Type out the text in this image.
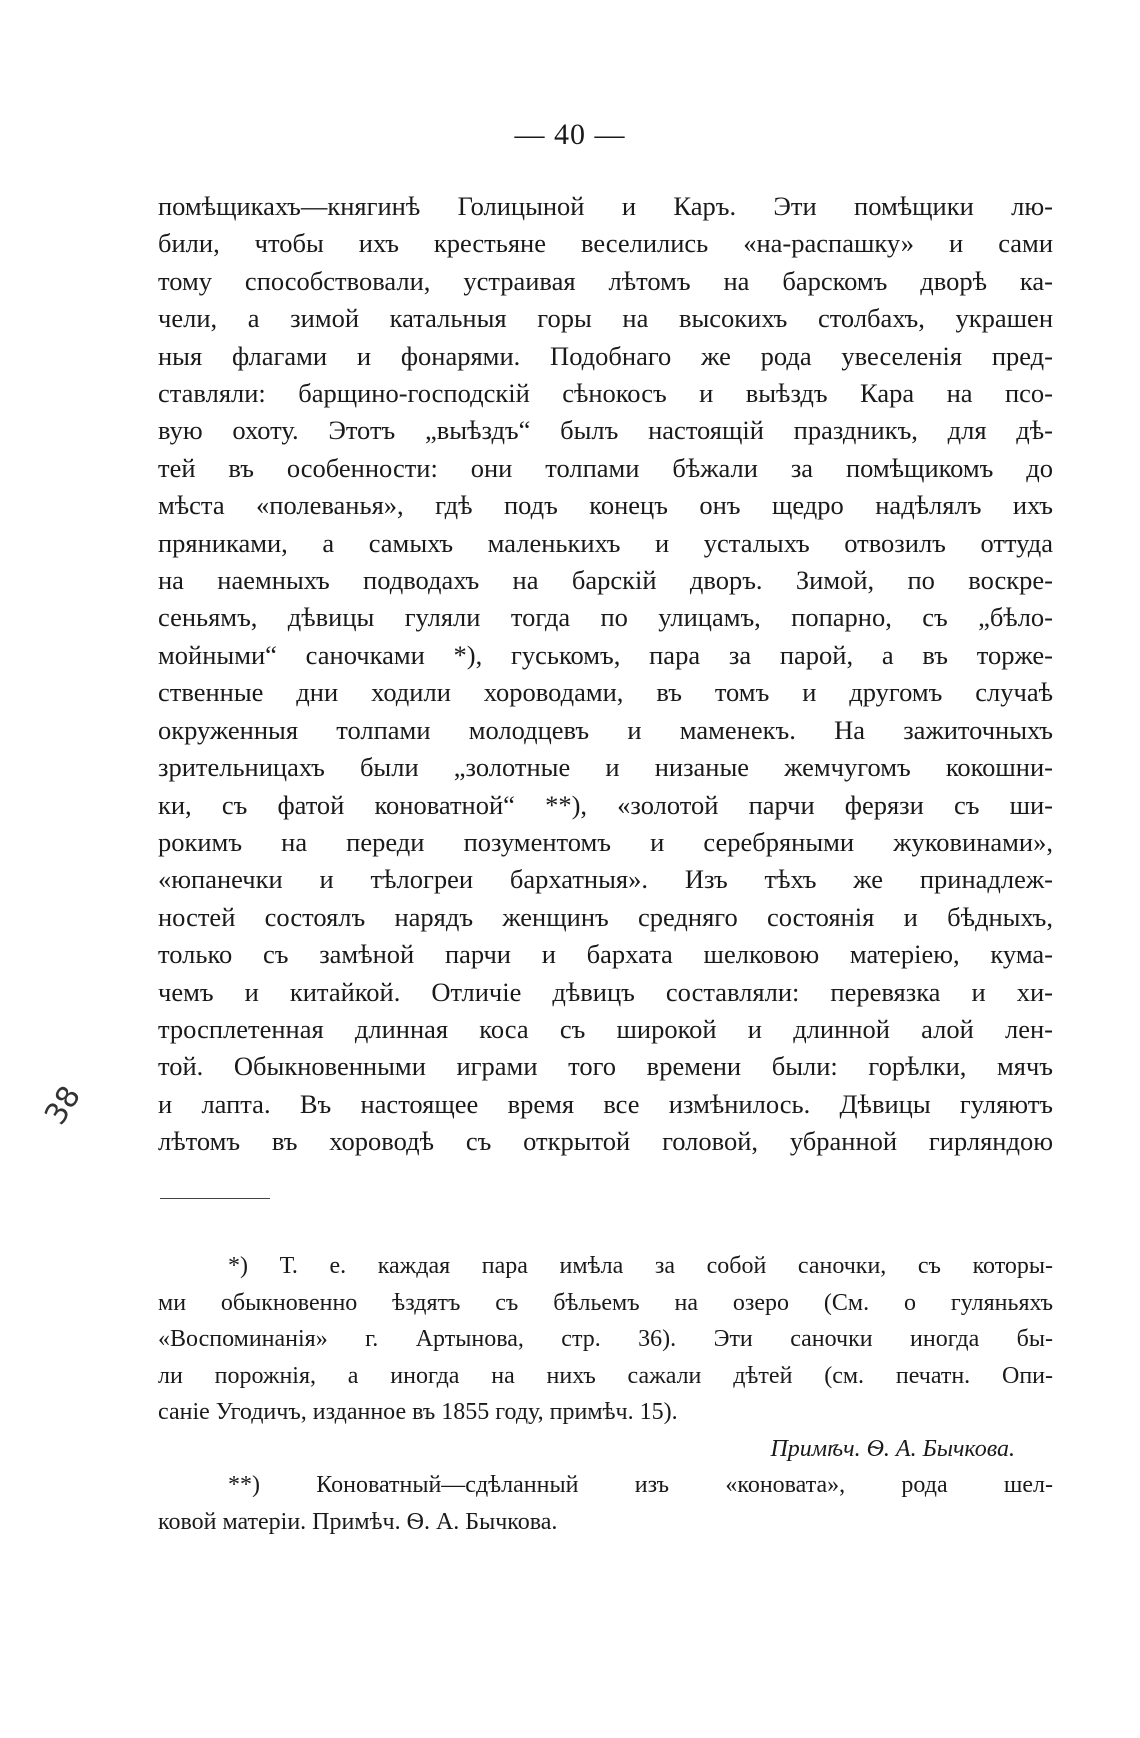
— 40 —
помѣщикахъ—княгинѣ Голицыной и Каръ. Эти помѣщики лю-
били, чтобы ихъ крестьяне веселились «на-распашку» и сами
тому способствовали, устраивая лѣтомъ на барскомъ дворѣ ка-
чели, а зимой катальныя горы на высокихъ столбахъ, украшен
ныя флагами и фонарями. Подобнаго же рода увеселенія пред-
ставляли: барщино-господскій сѣнокосъ и выѣздъ Кара на псо-
вую охоту. Этотъ „выѣздъ“ былъ настоящій праздникъ, для дѣ-
тей въ особенности: они толпами бѣжали за помѣщикомъ до
мѣста «полеванья», гдѣ подъ конецъ онъ щедро надѣлялъ ихъ
пряниками, а самыхъ маленькихъ и усталыхъ отвозилъ оттуда
на наемныхъ подводахъ на барскій дворъ. Зимой, по воскре-
сеньямъ, дѣвицы гуляли тогда по улицамъ, попарно, съ „бѣло-
мойными“ саночками *), гуськомъ, пара за парой, а въ торже-
ственные дни ходили хороводами, въ томъ и другомъ случаѣ
окруженныя толпами молодцевъ и маменекъ. На зажиточныхъ
зрительницахъ были „золотные и низаные жемчугомъ кокошни-
ки, съ фатой коноватной“ **), «золотой парчи ферязи съ ши-
рокимъ на переди позументомъ и серебряными жуковинами»,
«юпанечки и тѣлогреи бархатныя». Изъ тѣхъ же принадлеж-
ностей состоялъ нарядъ женщинъ средняго состоянія и бѣдныхъ,
только съ замѣной парчи и бархата шелковою матеріею, кума-
чемъ и китайкой. Отличіе дѣвицъ составляли: перевязка и хи-
тросплетенная длинная коса съ широкой и длинной алой лен-
той. Обыкновенными играми того времени были: горѣлки, мячъ
и лапта. Въ настоящее время все измѣнилось. Дѣвицы гуляютъ
лѣтомъ въ хороводѣ съ открытой головой, убранной гирляндою
*) Т. е. каждая пара имѣла за собой саночки, съ которы-
ми обыкновенно ѣздятъ съ бѣльемъ на озеро (См. о гуляньяхъ
«Воспоминанія» г. Артынова, стр. 36). Эти саночки иногда бы-
ли порожнія, а иногда на нихъ сажали дѣтей (см. печатн. Опи-
саніе Угодичъ, изданное въ 1855 году, примѣч. 15).
Примѣч. Ѳ. А. Бычкова.
**) Коноватный—сдѣланный изъ «коновата», рода шел-
ковой матеріи. Примѣч. Ѳ. А. Бычкова.
38
